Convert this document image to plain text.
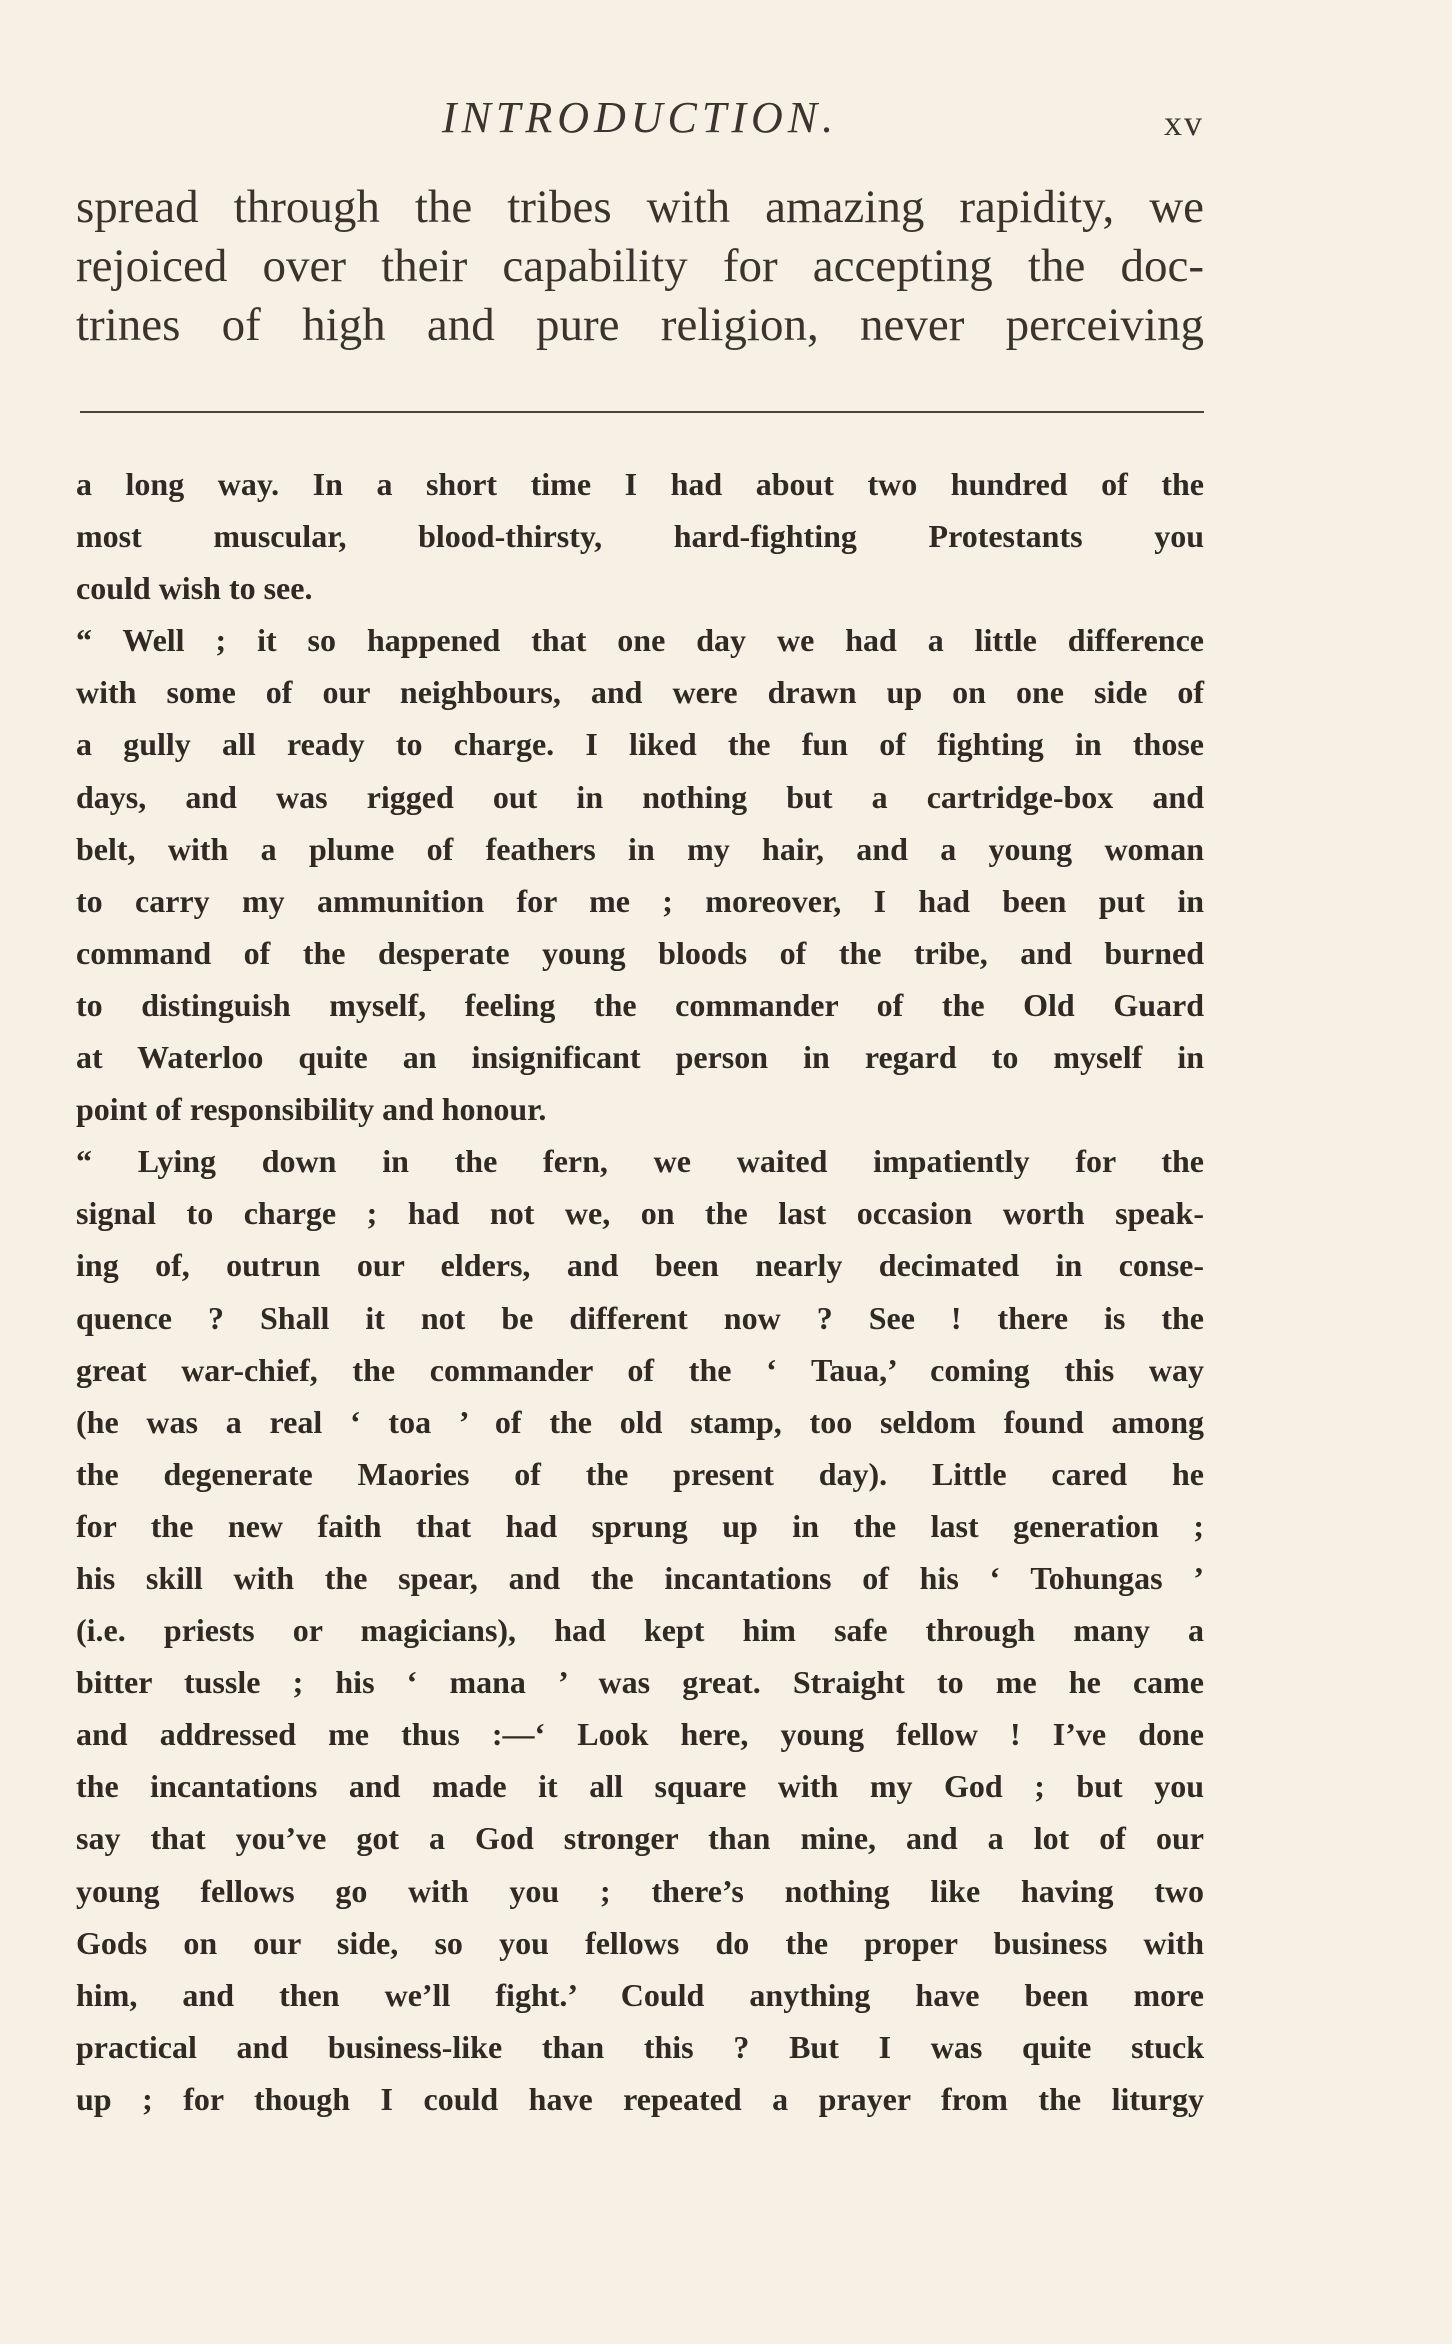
INTRODUCTION.	xv
spread through the tribes with amazing rapidity, we
rejoiced over their capability for accepting the doc-
trines of high and pure religion, never perceiving
a long way. In a short time I had about two hundred of the
most muscular, blood-thirsty, hard-fighting Protestants you
could wish to see.
“ Well ; it so happened that one day we had a little difference
with some of our neighbours, and were drawn up on one side of
a gully all ready to charge. I liked the fun of fighting in those
days, and was rigged out in nothing but a cartridge-box and
belt, with a plume of feathers in my hair, and a young woman
to carry my ammunition for me ; moreover, I had been put in
command of the desperate young bloods of the tribe, and burned
to distinguish myself, feeling the commander of the Old Guard
at Waterloo quite an insignificant person in regard to myself in
point of responsibility and honour.
“ Lying down in the fern, we waited impatiently for the
signal to charge ; had not we, on the last occasion worth speak-
ing of, outrun our elders, and been nearly decimated in conse-
quence ? Shall it not be different now ? See ! there is the
great war-chief, the commander of the ‘ Taua,’ coming this way
(he was a real ‘ toa ’ of the old stamp, too seldom found among
the degenerate Maories of the present day). Little cared he
for the new faith that had sprung up in the last generation ;
his skill with the spear, and the incantations of his ‘ Tohungas ’
(i.e. priests or magicians), had kept him safe through many a
bitter tussle ; his ‘ mana ’ was great. Straight to me he came
and addressed me thus :—‘ Look here, young fellow ! I’ve done
the incantations and made it all square with my God ; but you
say that you’ve got a God stronger than mine, and a lot of our
young fellows go with you ; there’s nothing like having two
Gods on our side, so you fellows do the proper business with
him, and then we’ll fight.’ Could anything have been more
practical and business-like than this ? But I was quite stuck
up ; for though I could have repeated a prayer from the liturgy
